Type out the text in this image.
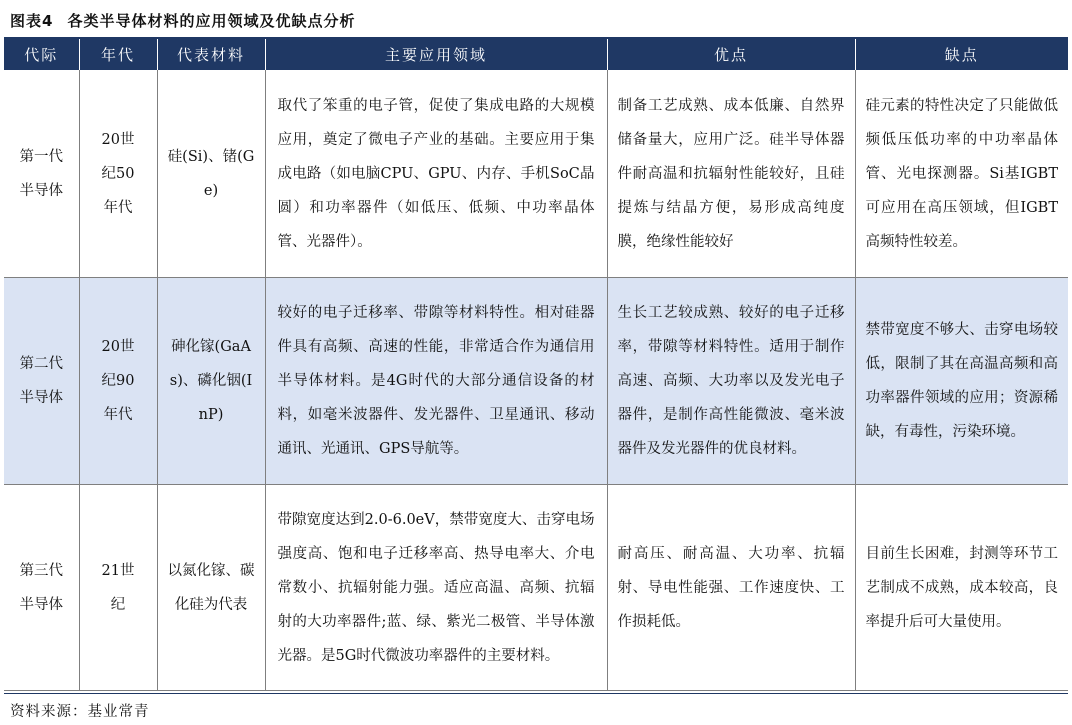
图表4 各类半导体材料的应用领域及优缺点分析
代际	年代	代表材料	主要应用领域	优点	缺点
第一代半导体	20世纪50年代	硅(Si)、锗(Ge)	取代了笨重的电子管，促使了集成电路的大规模应用，奠定了微电子产业的基础。主要应用于集成电路（如电脑CPU、GPU、内存、手机SoC晶圆）和功率器件（如低压、低频、中功率晶体管、光器件）。	制备工艺成熟、成本低廉、自然界储备量大，应用广泛。硅半导体器件耐高温和抗辐射性能较好，且硅提炼与结晶方便，易形成高纯度膜，绝缘性能较好	硅元素的特性决定了只能做低频低压低功率的中功率晶体管、光电探测器。Si基IGBT可应用在高压领域，但IGBT高频特性较差。
第二代半导体	20世纪90年代	砷化镓(GaAs)、磷化铟(InP)	较好的电子迁移率、带隙等材料特性。相对硅器件具有高频、高速的性能，非常适合作为通信用半导体材料。是4G时代的大部分通信设备的材料，如毫米波器件、发光器件、卫星通讯、移动通讯、光通讯、GPS导航等。	生长工艺较成熟、较好的电子迁移率，带隙等材料特性。适用于制作高速、高频、大功率以及发光电子器件，是制作高性能微波、毫米波器件及发光器件的优良材料。	禁带宽度不够大、击穿电场较低，限制了其在高温高频和高功率器件领域的应用；资源稀缺，有毒性，污染环境。
第三代半导体	21世纪	以氮化镓、碳化硅为代表	带隙宽度达到2.0-6.0eV，禁带宽度大、击穿电场强度高、饱和电子迁移率高、热导电率大、介电常数小、抗辐射能力强。适应高温、高频、抗辐射的大功率器件;蓝、绿、紫光二极管、半导体激光器。是5G时代微波功率器件的主要材料。	耐高压、耐高温、大功率、抗辐射、导电性能强、工作速度快、工作损耗低。	目前生长困难，封测等环节工艺制成不成熟，成本较高，良率提升后可大量使用。
资料来源：基业常青
